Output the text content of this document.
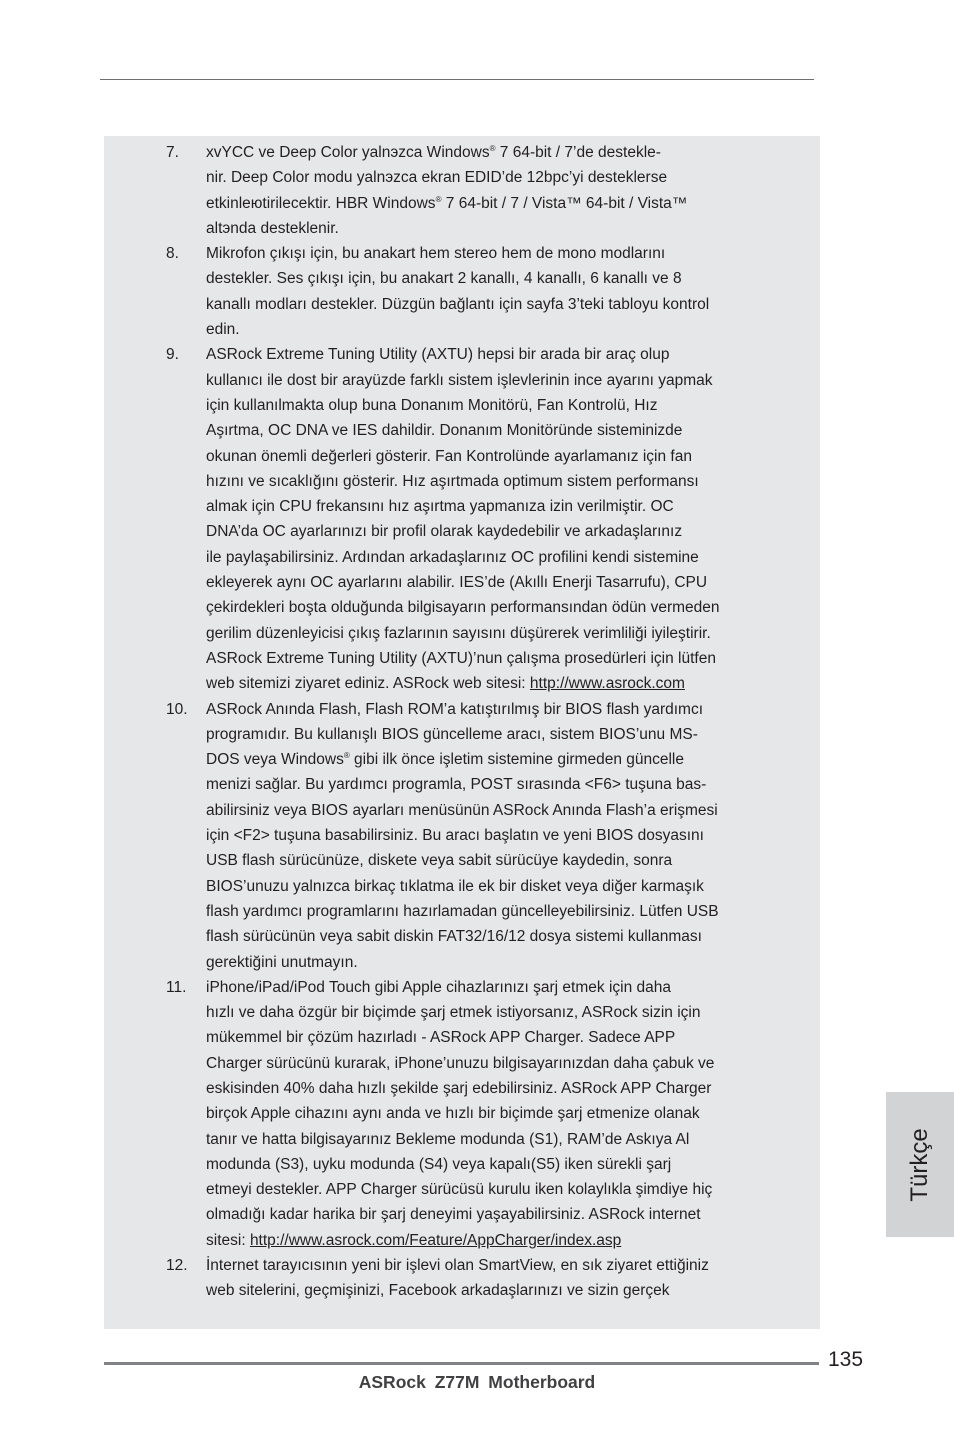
7. xvYCC ve Deep Color yalnэzca Windows® 7 64-bit / 7’de destekle-
nir. Deep Color modu yalnэzca ekran EDID’de 12bpc’yi desteklerse
etkinleюtirilecektir. HBR Windows® 7 64-bit / 7 / Vista™ 64-bit / Vista™
altэnda desteklenir.
8. Mikrofon çıkışı için, bu anakart hem stereo hem de mono modlarını
destekler. Ses çıkışı için, bu anakart 2 kanallı, 4 kanallı, 6 kanallı ve 8
kanallı modları destekler. Düzgün bağlantı için sayfa 3’teki tabloyu kontrol
edin.
9. ASRock Extreme Tuning Utility (AXTU) hepsi bir arada bir araç olup
kullanıcı ile dost bir arayüzde farklı sistem işlevlerinin ince ayarını yapmak
için kullanılmakta olup buna Donanım Monitörü, Fan Kontrolü, Hız
Aşırtma, OC DNA ve IES dahildir. Donanım Monitöründe sisteminizde
okunan önemli değerleri gösterir. Fan Kontrolünde ayarlamanız için fan
hızını ve sıcaklığını gösterir. Hız aşırtmada optimum sistem performansı
almak için CPU frekansını hız aşırtma yapmanıza izin verilmiştir. OC
DNA’da OC ayarlarınızı bir profil olarak kaydedebilir ve arkadaşlarınız
ile paylaşabilirsiniz. Ardından arkadaşlarınız OC profilini kendi sistemine
ekleyerek aynı OC ayarlarını alabilir. IES’de (Akıllı Enerji Tasarrufu), CPU
çekirdekleri boşta olduğunda bilgisayarın performansından ödün vermeden
gerilim düzenleyicisi çıkış fazlarının sayısını düşürerek verimliliği iyileştirir.
ASRock Extreme Tuning Utility (AXTU)’nun çalışma prosedürleri için lütfen
web sitemizi ziyaret ediniz. ASRock web sitesi: http://www.asrock.com
10. ASRock Anında Flash, Flash ROM’a katıştırılmış bir BIOS flash yardımcı
programıdır. Bu kullanışlı BIOS güncelleme aracı, sistem BIOS’unu MS-
DOS veya Windows® gibi ilk önce işletim sistemine girmeden güncelle
menizi sağlar. Bu yardımcı programla, POST sırasında <F6> tuşuna bas-
abilirsiniz veya BIOS ayarları menüsünün ASRock Anında Flash’a erişmesi
için <F2> tuşuna basabilirsiniz. Bu aracı başlatın ve yeni BIOS dosyasını
USB flash sürücünüze, diskete veya sabit sürücüye kaydedin, sonra
BIOS’unuzu yalnızca birkaç tıklatma ile ek bir disket veya diğer karmaşık
flash yardımcı programlarını hazırlamadan güncelleyebilirsiniz. Lütfen USB
flash sürücünün veya sabit diskin FAT32/16/12 dosya sistemi kullanması
gerektiğini unutmayın.
11. iPhone/iPad/iPod Touch gibi Apple cihazlarınızı şarj etmek için daha
hızlı ve daha özgür bir biçimde şarj etmek istiyorsanız, ASRock sizin için
mükemmel bir çözüm hazırladı - ASRock APP Charger. Sadece APP
Charger sürücünü kurarak, iPhone’unuzu bilgisayarınızdan daha çabuk ve
eskisinden 40% daha hızlı şekilde şarj edebilirsiniz. ASRock APP Charger
birçok Apple cihazını aynı anda ve hızlı bir biçimde şarj etmenize olanak
tanır ve hatta bilgisayarınız Bekleme modunda (S1), RAM’de Askıya Al
modunda (S3), uyku modunda (S4) veya kapalı(S5) iken sürekli şarj
etmeyi destekler. APP Charger sürücüsü kurulu iken kolaylıkla şimdiye hiç
olmadığı kadar harika bir şarj deneyimi yaşayabilirsiniz. ASRock internet
sitesi: http://www.asrock.com/Feature/AppCharger/index.asp
12. İnternet tarayıcısının yeni bir işlevi olan SmartView, en sık ziyaret ettiğiniz
web sitelerini, geçmişinizi, Facebook arkadaşlarınızı ve sizin gerçek
Türkçe
135
ASRock Z77M Motherboard
